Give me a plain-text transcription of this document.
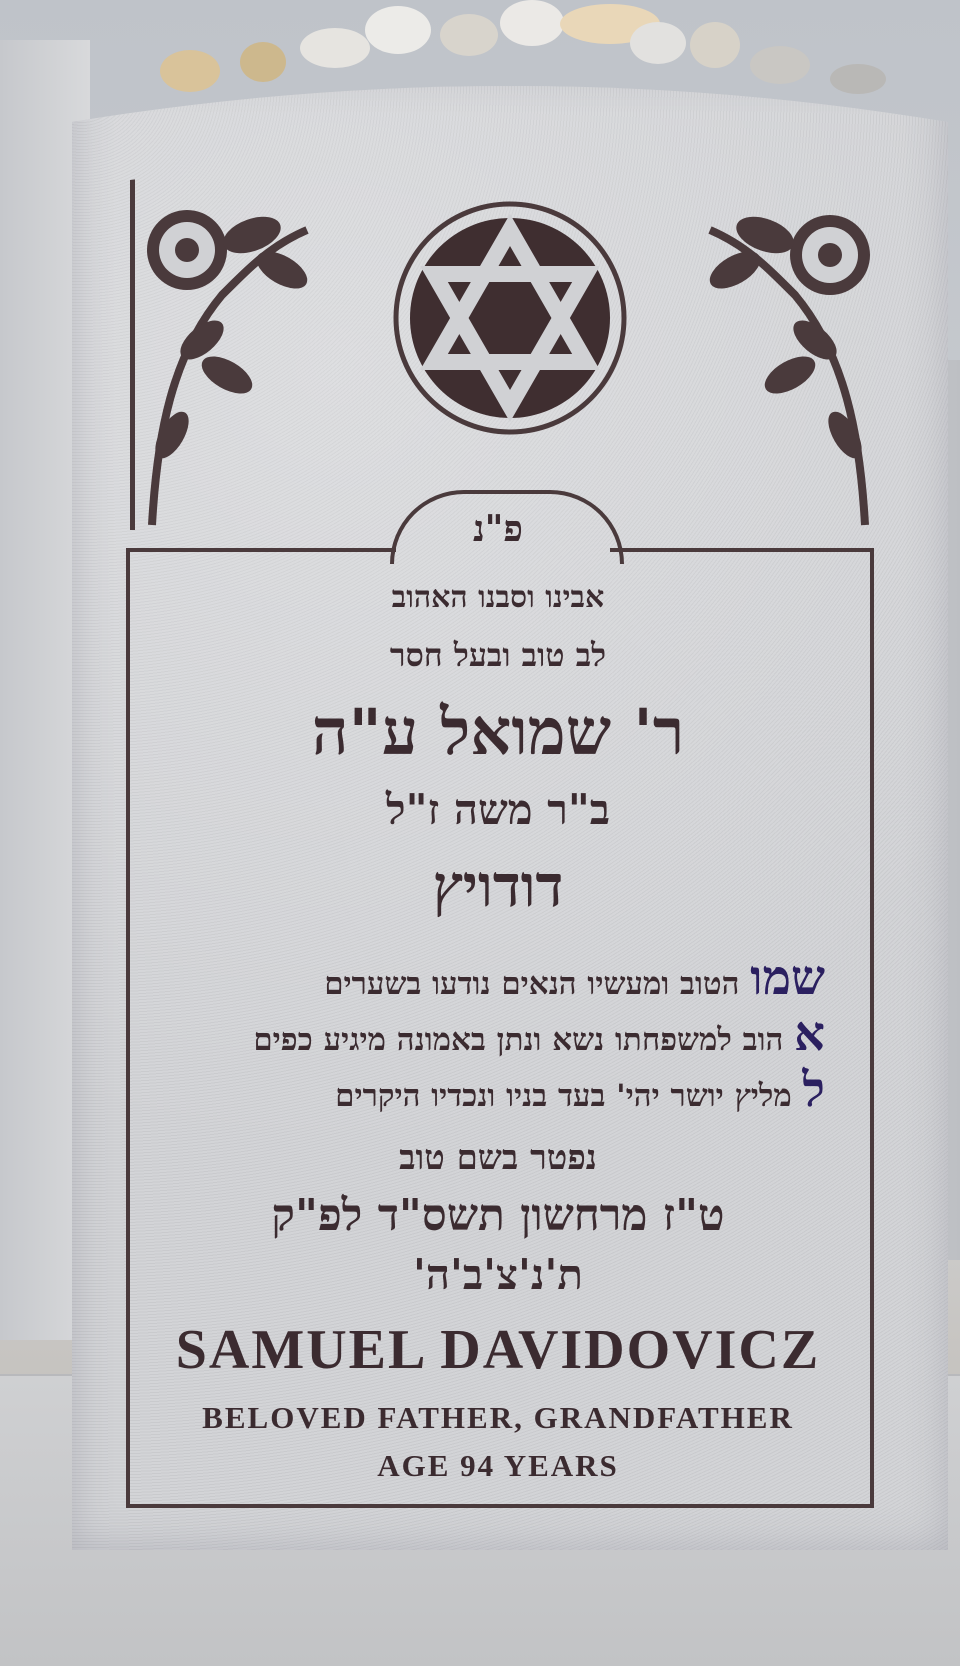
פ"נ
אבינו וסבנו האהוב
לב טוב ובעל חסר
ר' שמואל ע"ה
ב"ר משה ז"ל
דודויץ
שמו הטוב ומעשיו הנאים נודעו בשערים
א הוב למשפחתו נשא ונתן באמונה מיגיע כפים
ל מליץ יושר יהי' בעד בניו ונכדיו היקרים
נפטר בשם טוב
ט"ז מרחשון תשס"ד לפ"ק
ת'נ'צ'ב'ה'
SAMUEL DAVIDOVICZ
BELOVED FATHER, GRANDFATHER
AGE 94 YEARS
